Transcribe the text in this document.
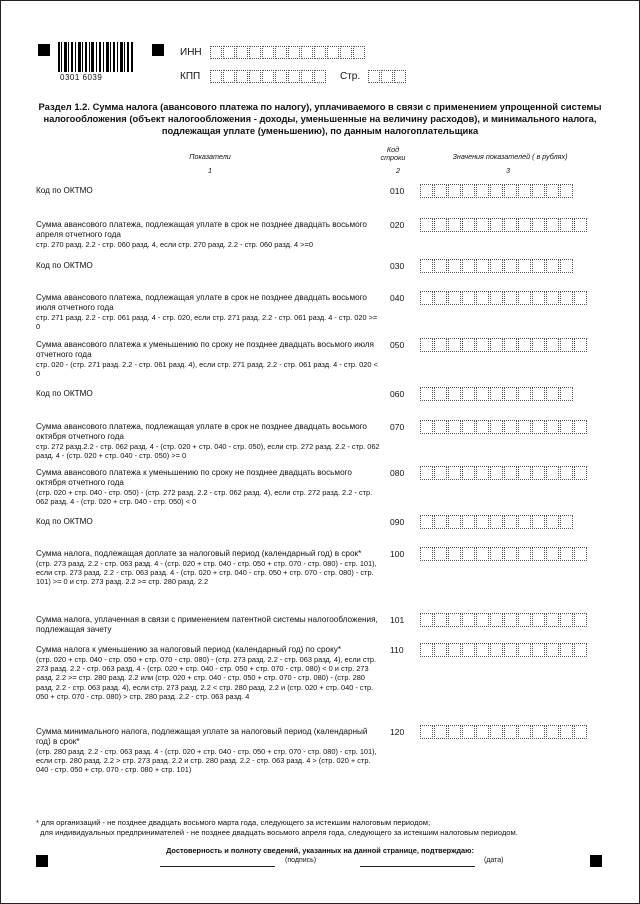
0301 6039
ИНН
КПП	Стр.
Раздел 1.2. Сумма налога (авансового платежа по налогу), уплачиваемого в связи с применением упрощенной системы налогообложения (объект налогообложения - доходы, уменьшенные на величину расходов), и минимального налога, подлежащая уплате (уменьшению), по данным налогоплательщика
Показатели
Код
строки	Значения показателей ( в рублях)
1	2	3
Код по ОКТМО	010
Сумма авансового платежа, подлежащая уплате в срок не позднее двадцать восьмого апреля отчетного года
стр. 270 разд. 2.2 - стр. 060 разд. 4, если стр. 270 разд. 2.2 - стр. 060 разд. 4 >=0
020
Код по ОКТМО	030
Сумма авансового платежа, подлежащая уплате в срок не позднее двадцать восьмого июля отчетного года
стр. 271 разд. 2.2 - стр. 061 разд. 4 - стр. 020, если стр. 271 разд. 2.2 - стр. 061 разд. 4 - стр. 020 >= 0
040
Сумма авансового платежа к уменьшению по сроку не позднее двадцать восьмого июля отчетного года
стр. 020 - (стр. 271 разд. 2.2 - стр. 061 разд. 4), если стр. 271 разд. 2.2 - стр. 061 разд. 4 - стр. 020 < 0
050
Код по ОКТМО	060
Сумма авансового платежа, подлежащая уплате в срок не позднее двадцать восьмого октября отчетного года
стр. 272 разд.2.2 - стр. 062 разд. 4 - (стр. 020 + стр. 040 - стр. 050), если стр. 272 разд. 2.2 - стр. 062 разд. 4 - (стр. 020 + стр. 040 - стр. 050) >= 0
070
Сумма авансового платежа к уменьшению по сроку не позднее двадцать восьмого октября отчетного года
(стр. 020 + стр. 040 - стр. 050) - (стр. 272 разд. 2.2 - стр. 062 разд. 4), если стр. 272 разд. 2.2 - стр. 062 разд. 4 - (стр. 020 + стр. 040 - стр. 050) < 0
080
Код по ОКТМО	090
Сумма налога, подлежащая доплате за налоговый период (календарный год) в срок*
(стр. 273 разд. 2.2 - стр. 063 разд. 4 - (стр. 020 + стр. 040 - стр. 050 + стр. 070 - стр. 080) - стр. 101), если стр. 273 разд. 2.2 - стр. 063 разд. 4 - (стр. 020 + стр. 040 - стр. 050 + стр. 070 - стр. 080) - стр. 101) >= 0 и стр. 273 разд. 2.2 >= стр. 280 разд. 2.2
100
Сумма налога, уплаченная в связи с применением патентной системы налогообложения, подлежащая зачету
101
Сумма налога к уменьшению за налоговый период (календарный год) по сроку*
(стр. 020 + стр. 040 - стр. 050 + стр. 070 - стр. 080) - (стр. 273 разд. 2.2 - стр. 063 разд. 4), если стр. 273 разд. 2.2 - стр. 063 разд. 4 - (стр. 020 + стр. 040 - стр. 050 + стр. 070 - стр. 080) < 0 и стр. 273 разд. 2.2 >= стр. 280 разд. 2.2 или (стр. 020 + стр. 040 - стр. 050 + стр. 070 - стр. 080) - (стр. 280 разд. 2.2 - стр. 063 разд. 4), если стр. 273 разд. 2.2 < стр. 280 разд. 2.2 и (стр. 020 + стр. 040 - стр. 050 + стр. 070 - стр. 080) > стр. 280 разд. 2.2 - стр. 063 разд. 4
110
Сумма минимального налога, подлежащая уплате за налоговый период (календарный год) в срок*
(стр. 280 разд. 2.2 - стр. 063 разд. 4 - (стр. 020 + стр. 040 - стр. 050 + стр. 070 - стр. 080) - стр. 101), если стр. 280 разд. 2.2 > стр. 273 разд. 2.2 и стр. 280 разд. 2.2 - стр. 063 разд. 4 > (стр. 020 + стр. 040 - стр. 050 + стр. 070 - стр. 080 + стр. 101)
120
* для организаций - не позднее двадцать восьмого марта года, следующего за истекшим налоговым периодом;
для индивидуальных предпринимателей - не позднее двадцать восьмого апреля года, следующего за истекшим налоговым периодом.
Достоверность и полноту сведений, указанных на данной странице, подтверждаю:
(подпись)	(дата)
